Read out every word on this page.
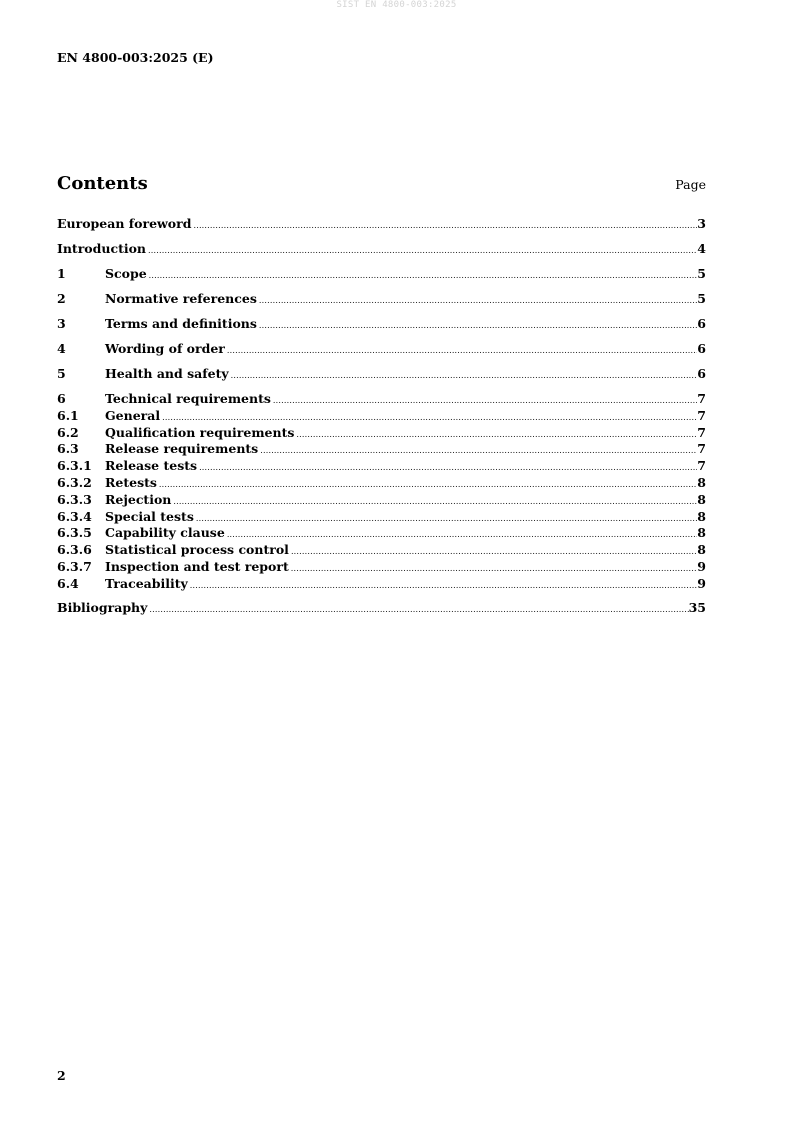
SIST EN 4800-003:2025
EN 4800-003:2025 (E)
Contents	Page
European foreword .....	3
Introduction .....	4
1	Scope .....	5
2	Normative references .....	5
3	Terms and definitions .....	6
4	Wording of order .....	6
5	Health and safety .....	6
6	Technical requirements .....	7
6.1	General .....	7
6.2	Qualification requirements .....	7
6.3	Release requirements .....	7
6.3.1	Release tests .....	7
6.3.2	Retests .....	8
6.3.3	Rejection .....	8
6.3.4	Special tests .....	8
6.3.5	Capability clause .....	8
6.3.6	Statistical process control .....	8
6.3.7	Inspection and test report .....	9
6.4	Traceability .....	9
Bibliography .....	35
2
